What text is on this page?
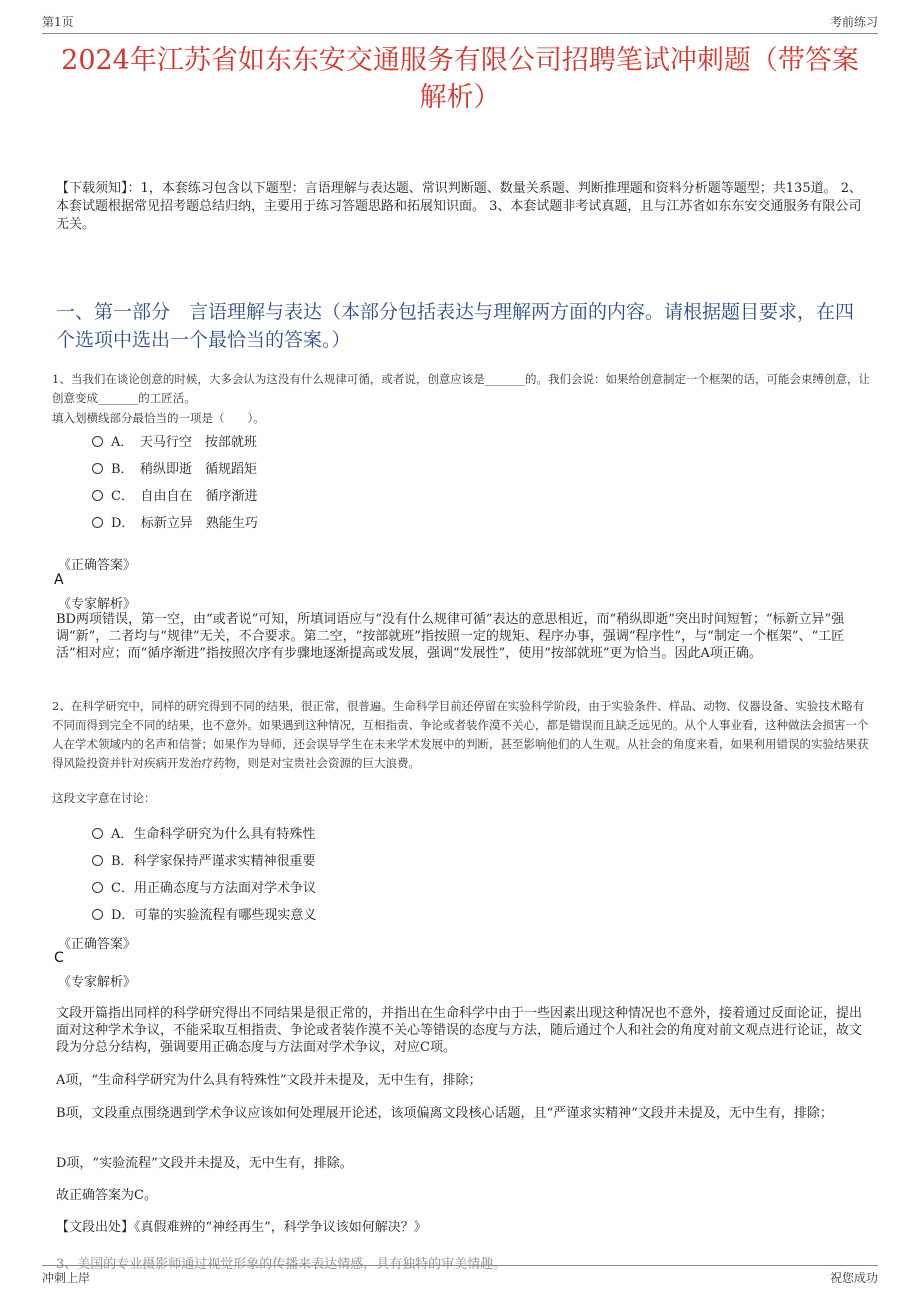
第1页	考前练习
2024年江苏省如东东安交通服务有限公司招聘笔试冲刺题（带答案解析）
【下载须知】：1，本套练习包含以下题型：言语理解与表达题、常识判断题、数量关系题、判断推理题和资料分析题等题型；共135道。 2、本套试题根据常见招考题总结归纳，主要用于练习答题思路和拓展知识面。 3、本套试题非考试真题，且与江苏省如东东安交通服务有限公司无关。
一、第一部分　言语理解与表达（本部分包括表达与理解两方面的内容。请根据题目要求，在四个选项中选出一个最恰当的答案。）
1、当我们在谈论创意的时候，大多会认为这没有什么规律可循，或者说，创意应该是_______的。我们会说：如果给创意制定一个框架的话，可能会束缚创意，让创意变成_______的工匠活。
填入划横线部分最恰当的一项是（　　）。
A．　天马行空　按部就班
B．　稍纵即逝　循规蹈矩
C．　自由自在　循序渐进
D．　标新立异　熟能生巧
《正确答案》
A
《专家解析》
BD两项错误，第一空，由“或者说”可知，所填词语应与“没有什么规律可循”表达的意思相近，而“稍纵即逝”突出时间短暂；“标新立异”强调“新”，二者均与“规律”无关，不合要求。第二空，“按部就班”指按照一定的规矩、程序办事，强调“程序性”，与“制定一个框架”、“工匠活”相对应；而“循序渐进”指按照次序有步骤地逐渐提高或发展，强调“发展性”，使用“按部就班”更为恰当。因此A项正确。
2、在科学研究中，同样的研究得到不同的结果，很正常，很普遍。生命科学目前还停留在实验科学阶段，由于实验条件、样品、动物、仪器设备、实验技术略有不同而得到完全不同的结果，也不意外。如果遇到这种情况，互相指责、争论或者装作漠不关心，都是错误而且缺乏远见的。从个人事业看，这种做法会损害一个人在学术领域内的名声和信誉；如果作为导师，还会误导学生在未来学术发展中的判断，甚至影响他们的人生观。从社会的角度来看，如果利用错误的实验结果获得风险投资并针对疾病开发治疗药物，则是对宝贵社会资源的巨大浪费。
这段文字意在讨论：
A．生命科学研究为什么具有特殊性
B．科学家保持严谨求实精神很重要
C．用正确态度与方法面对学术争议
D．可靠的实验流程有哪些现实意义
《正确答案》
C
《专家解析》
文段开篇指出同样的科学研究得出不同结果是很正常的，并指出在生命科学中由于一些因素出现这种情况也不意外，接着通过反面论证，提出面对这种学术争议，不能采取互相指责、争论或者装作漠不关心等错误的态度与方法，随后通过个人和社会的角度对前文观点进行论证，故文段为分总分结构，强调要用正确态度与方法面对学术争议，对应C项。
A项，“生命科学研究为什么具有特殊性”文段并未提及，无中生有，排除；
B项，文段重点围绕遇到学术争议应该如何处理展开论述，该项偏离文段核心话题，且“严谨求实精神”文段并未提及，无中生有，排除；
D项，“实验流程”文段并未提及，无中生有，排除。
故正确答案为C。
【文段出处】《真假难辨的“神经再生”，科学争议该如何解决？》
3、美国的专业摄影师通过视觉形象的传播来表达情感，具有独特的审美情趣。
冲刺上岸	祝您成功
